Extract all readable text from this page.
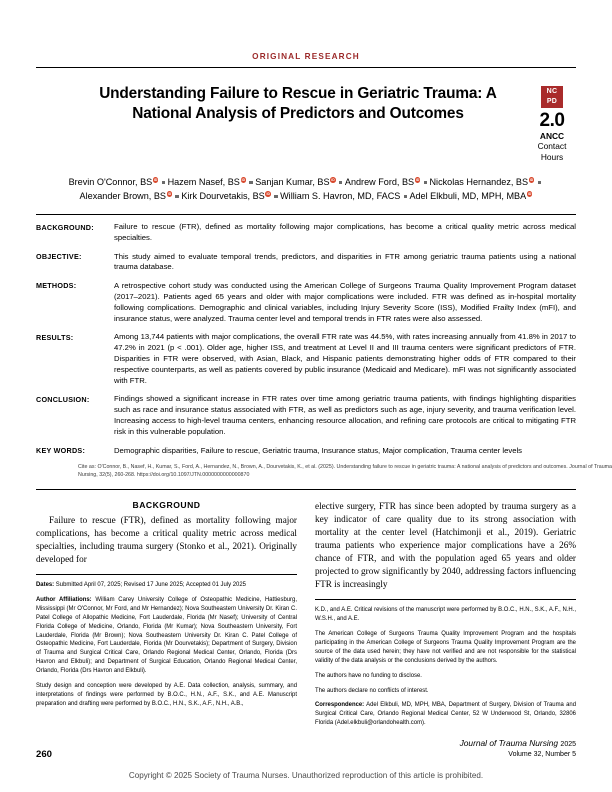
ORIGINAL RESEARCH
Understanding Failure to Rescue in Geriatric Trauma: A National Analysis of Predictors and Outcomes
NC
PD
2.0
ANCC
Contact
Hours
Brevin O'Connor, BS iD Hazem Nasef, BS iD Sanjan Kumar, BS iD Andrew Ford, BS iD Nickolas Hernandez, BSiDAlexander Brown, BS iD Kirk Dourvetakis, BS iD William S. Havron, MD, FACS Adel Elkbuli, MD, MPH, MBAiD
BACKGROUND:	Failure to rescue (FTR), defined as mortality following major complications, has become a critical quality metric across medical specialties.
OBJECTIVE:	This study aimed to evaluate temporal trends, predictors, and disparities in FTR among geriatric trauma patients using a national trauma database.
METHODS:	A retrospective cohort study was conducted using the American College of Surgeons Trauma Quality Improvement Program dataset (2017–2021). Patients aged 65 years and older with major complications were included. FTR was defined as in-hospital mortality following complications. Demographic and clinical variables, including Injury Severity Score (ISS), Modified Frailty Index (mFI), and insurance status, were analyzed. Trauma center level and temporal trends in FTR rates were also assessed.
RESULTS:	Among 13,744 patients with major complications, the overall FTR rate was 44.5%, with rates increasing annually from 41.8% in 2017 to 47.2% in 2021 (p < .001). Older age, higher ISS, and treatment at Level II and III trauma centers were significant predictors of FTR. Disparities in FTR were observed, with Asian, Black, and Hispanic patients demonstrating higher odds of FTR compared to their respective counterparts, as well as patients covered by public insurance (Medicaid and Medicare). mFI was not significantly associated with FTR.
CONCLUSION:	Findings showed a significant increase in FTR rates over time among geriatric trauma patients, with findings highlighting disparities such as race and insurance status associated with FTR, as well as predictors such as age, injury severity, and trauma verification level. Increasing access to high-level trauma centers, enhancing resource allocation, and refining care protocols are critical to mitigating FTR risk in this vulnerable population.
KEY WORDS:	Demographic disparities, Failure to rescue, Geriatric trauma, Insurance status, Major complication, Trauma center levels
Cite as: O'Connor, B., Nasef, H., Kumar, S., Ford, A., Hernandez, N., Brown, A., Dourvetakis, K., et al. (2025). Understanding failure to rescue in geriatric trauma: A national analysis of predictors and outcomes. Journal of Trauma Nursing, 32(5), 260-268. https://doi.org/10.1097/JTN.0000000000000870
BACKGROUND

Failure to rescue (FTR), defined as mortality following major complications, has become a critical quality metric across medical specialties, including trauma surgery (Stonko et al., 2021). Originally developed for

Dates: Submitted April 07, 2025; Revised 17 June 2025; Accepted 01 July 2025

Author Affiliations: William Carey University College of Osteopathic Medicine, Hattiesburg, Mississippi (Mr O'Connor, Mr Ford, and Mr Hernandez); Nova Southeastern University Dr. Kiran C. Patel College of Allopathic Medicine, Fort Lauderdale, Florida (Mr Nasef); University of Central Florida College of Medicine, Orlando, Florida (Mr Kumar); Nova Southeastern University, Fort Lauderdale, Florida (Mr Brown); Nova Southeastern University Dr. Kiran C. Patel College of Osteopathic Medicine, Fort Lauderdale, Florida (Mr Dourvetakis); Department of Surgery, Division of Trauma and Surgical Critical Care, Orlando Regional Medical Center, Orlando, Florida (Drs Havron and Elkbuli); and Department of Surgical Education, Orlando Regional Medical Center, Orlando, Florida (Drs Havron and Elkbuli).

Study design and conception were developed by A.E. Data collection, analysis, summary, and interpretations of findings were performed by B.O.C., H.N., A.F., S.K., and A.E. Manuscript preparation and drafting were performed by B.O.C., H.N., S.K., A.F., N.H., A.B.,

elective surgery, FTR has since been adopted by trauma surgery as a key indicator of care quality due to its strong association with mortality at the center level (Hatchimonji et al., 2019). Geriatric trauma patients who experience major complications have a 26% chance of FTR, and with the population aged 65 years and older projected to grow significantly by 2040, addressing factors influencing FTR is increasingly

K.D., and A.E. Critical revisions of the manuscript were performed by B.O.C., H.N., S.K., A.F., N.H., W.S.H., and A.E.

The American College of Surgeons Trauma Quality Improvement Program and the hospitals participating in the American College of Surgeons Trauma Quality Improvement Program are the source of the data used herein; they have not verified and are not responsible for the statistical validity of the data analysis or the conclusions derived by the authors.

The authors have no funding to disclose.

The authors declare no conflicts of interest.

Correspondence: Adel Elkbuli, MD, MPH, MBA, Department of Surgery, Division of Trauma and Surgical Critical Care, Orlando Regional Medical Center, 52 W Underwood St, Orlando, 32806 Florida (Adel.elkbuli@orlandohealth.com).

260
Journal of Trauma Nursing 2025
Volume 32, Number 5
Copyright © 2025 Society of Trauma Nurses. Unauthorized reproduction of this article is prohibited.
